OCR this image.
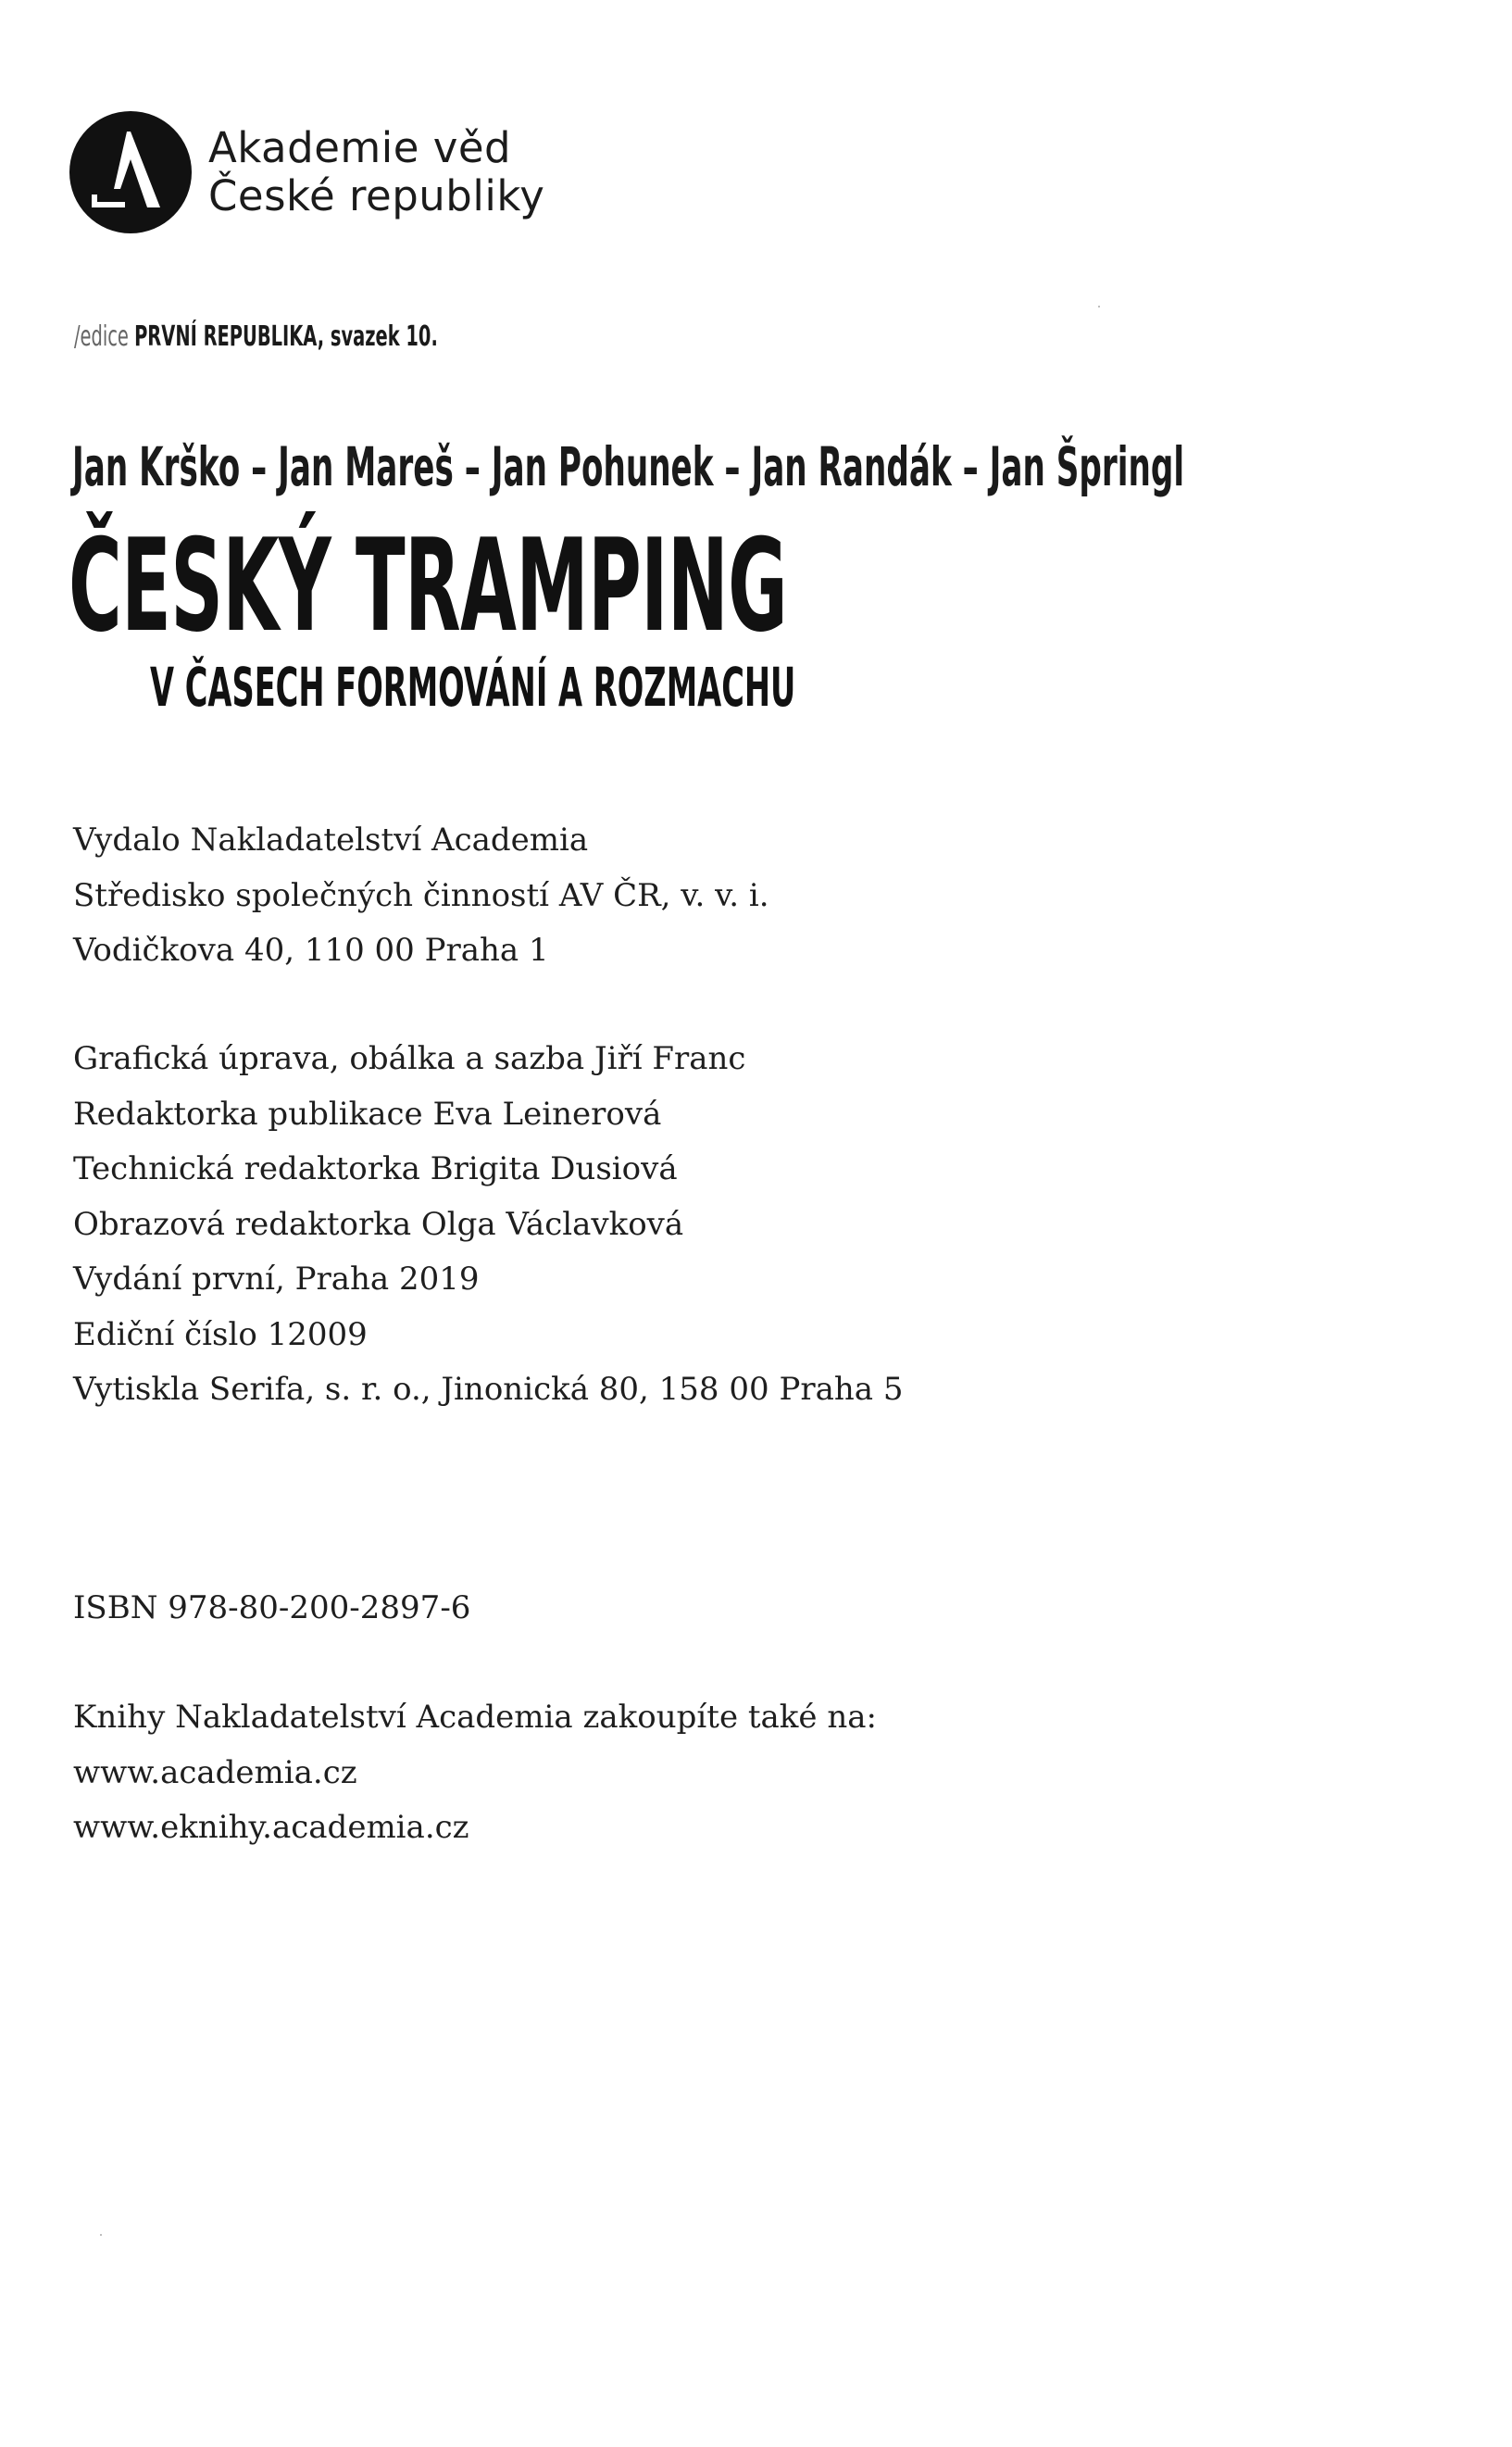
Akademie věd
České republiky
/edice PRVNÍ REPUBLIKA, svazek 10.
Jan Krško – Jan Mareš – Jan Pohunek – Jan Randák – Jan Špringl
ČESKÝ TRAMPING
V ČASECH FORMOVÁNÍ A ROZMACHU
Vydalo Nakladatelství Academia
Středisko společných činností AV ČR, v. v. i.
Vodičkova 40, 110 00 Praha 1
Grafická úprava, obálka a sazba Jiří Franc
Redaktorka publikace Eva Leinerová
Technická redaktorka Brigita Dusiová
Obrazová redaktorka Olga Václavková
Vydání první, Praha 2019
Ediční číslo 12009
Vytiskla Serifa, s. r. o., Jinonická 80, 158 00 Praha 5
ISBN 978-80-200-2897-6
Knihy Nakladatelství Academia zakoupíte také na:
www.academia.cz
www.eknihy.academia.cz
